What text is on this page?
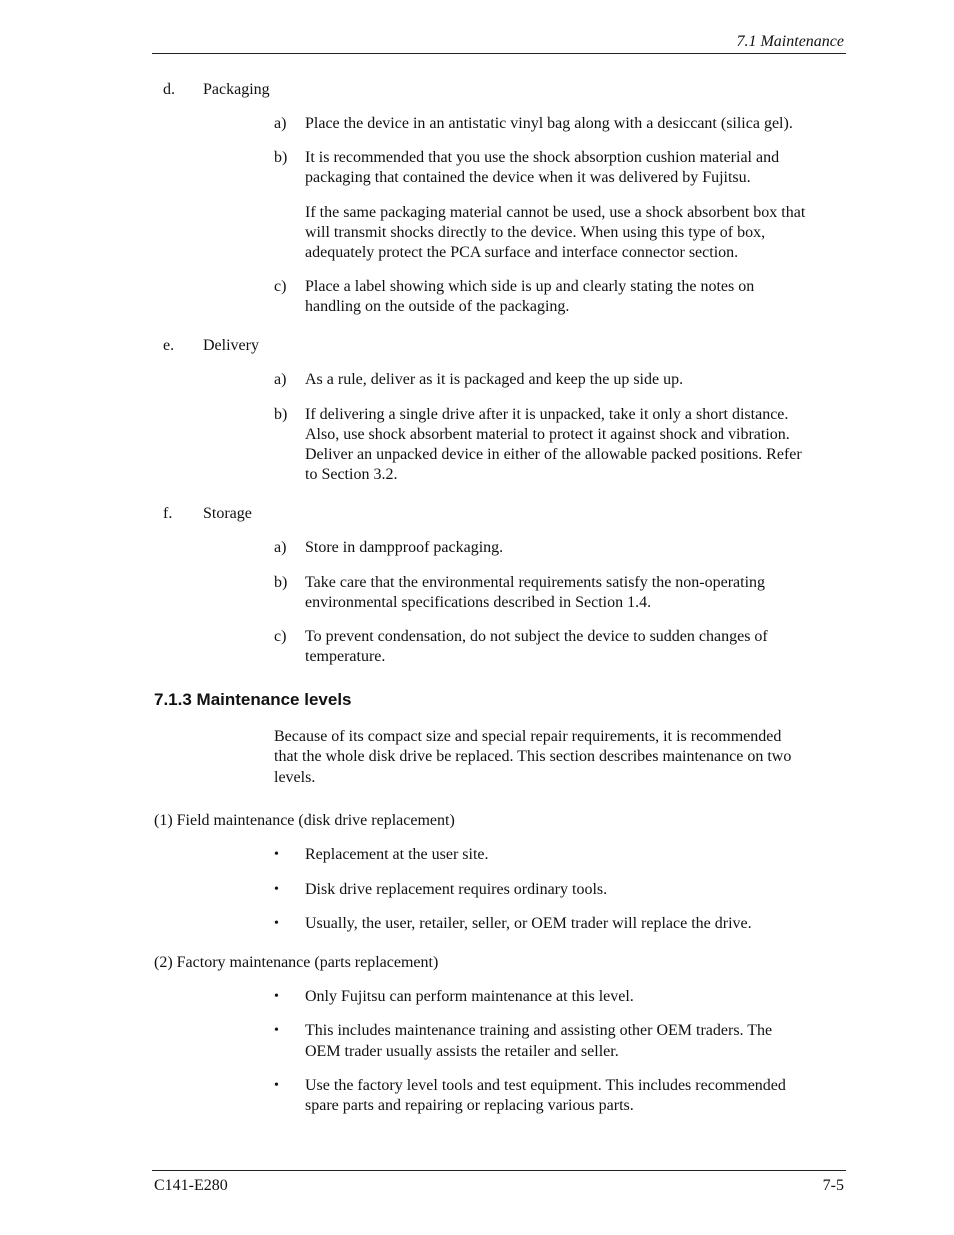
7.1 Maintenance
d. Packaging
a) Place the device in an antistatic vinyl bag along with a desiccant (silica gel).
b) It is recommended that you use the shock absorption cushion material and
packaging that contained the device when it was delivered by Fujitsu.
If the same packaging material cannot be used, use a shock absorbent box that
will transmit shocks directly to the device. When using this type of box,
adequately protect the PCA surface and interface connector section.
c) Place a label showing which side is up and clearly stating the notes on
handling on the outside of the packaging.
e. Delivery
a) As a rule, deliver as it is packaged and keep the up side up.
b) If delivering a single drive after it is unpacked, take it only a short distance.
Also, use shock absorbent material to protect it against shock and vibration.
Deliver an unpacked device in either of the allowable packed positions. Refer
to Section 3.2.
f. Storage
a) Store in dampproof packaging.
b) Take care that the environmental requirements satisfy the non-operating
environmental specifications described in Section 1.4.
c) To prevent condensation, do not subject the device to sudden changes of
temperature.
7.1.3 Maintenance levels
Because of its compact size and special repair requirements, it is recommended
that the whole disk drive be replaced. This section describes maintenance on two
levels.
(1) Field maintenance (disk drive replacement)
• Replacement at the user site.
• Disk drive replacement requires ordinary tools.
• Usually, the user, retailer, seller, or OEM trader will replace the drive.
(2) Factory maintenance (parts replacement)
• Only Fujitsu can perform maintenance at this level.
• This includes maintenance training and assisting other OEM traders. The
OEM trader usually assists the retailer and seller.
• Use the factory level tools and test equipment. This includes recommended
spare parts and repairing or replacing various parts.
C141-E280	7-5
